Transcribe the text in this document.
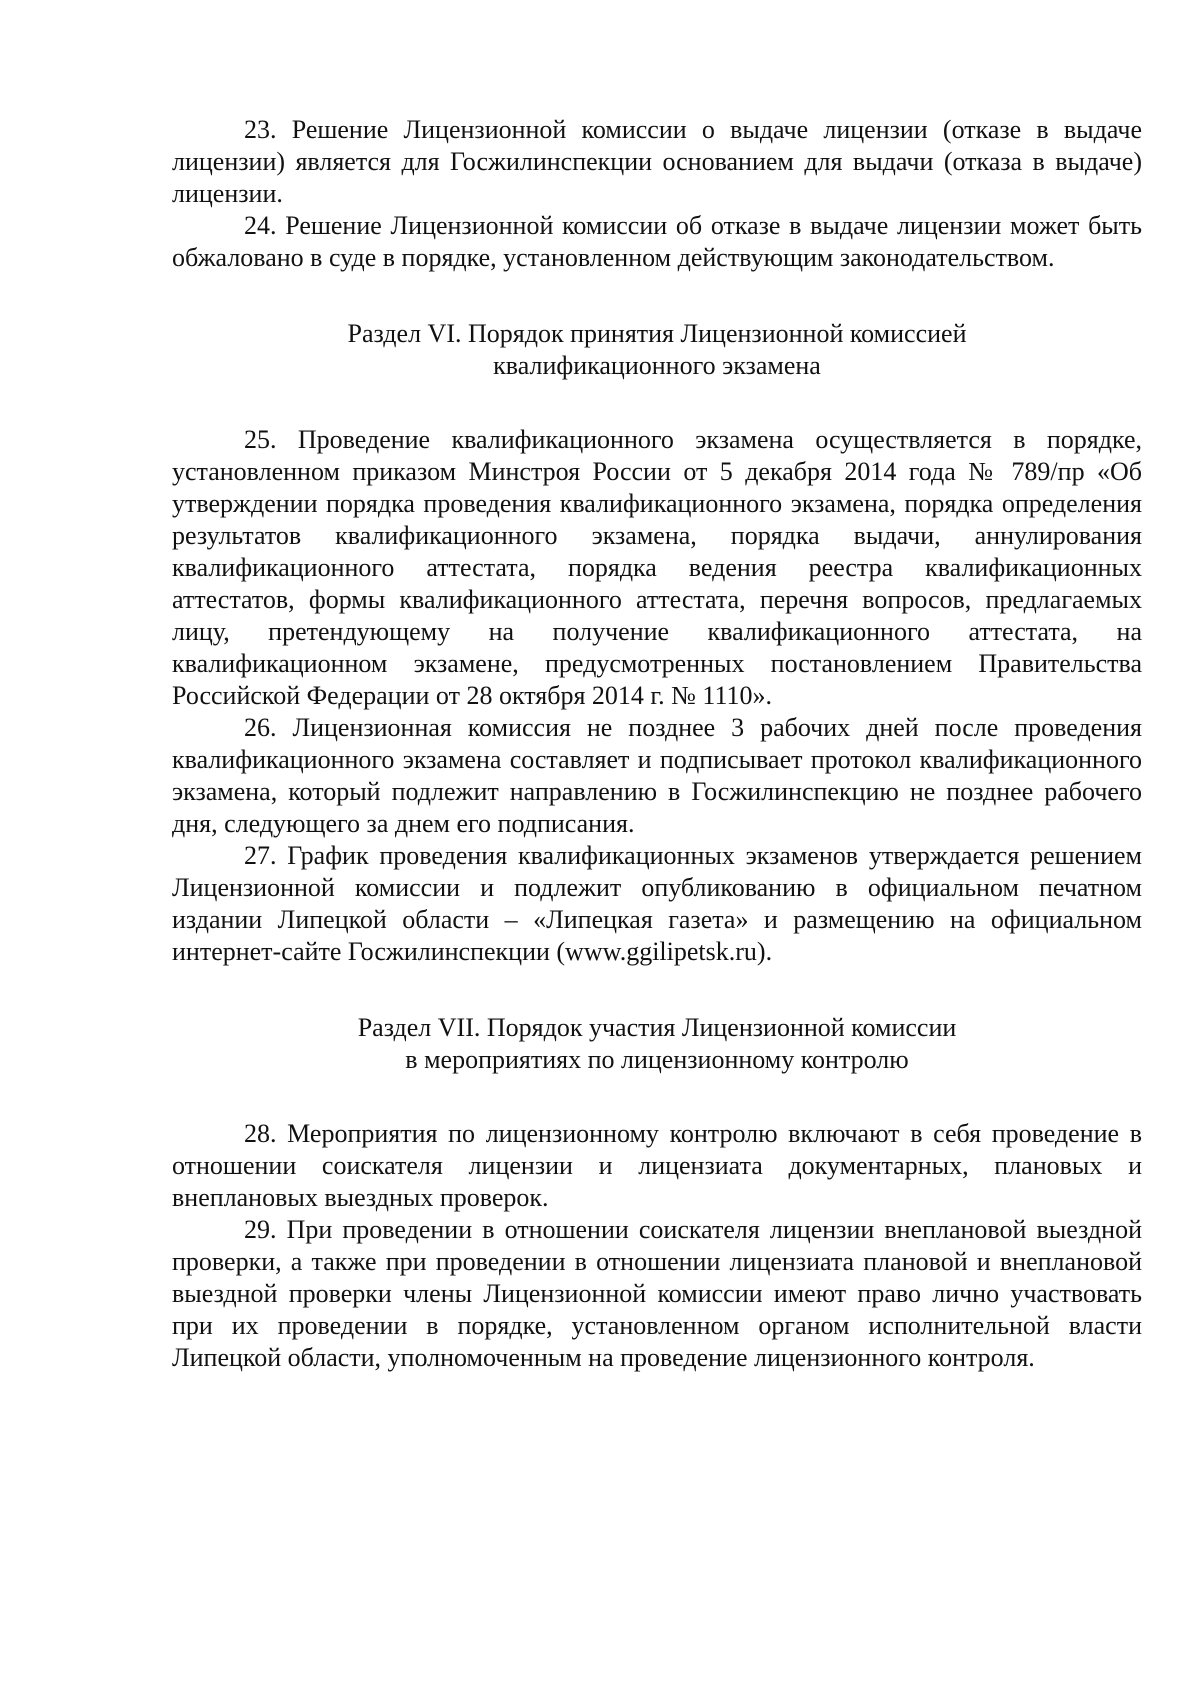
23. Решение Лицензионной комиссии о выдаче лицензии (отказе в выдаче лицензии) является для Госжилинспекции основанием для выдачи (отказа в выдаче) лицензии.

24. Решение Лицензионной комиссии об отказе в выдаче лицензии может быть обжаловано в суде в порядке, установленном действующим законодательством.

Раздел VI. Порядок принятия Лицензионной комиссией
квалификационного экзамена

25. Проведение квалификационного экзамена осуществляется в порядке, установленном приказом Минстроя России от 5 декабря 2014 года № 789/пр «Об утверждении порядка проведения квалификационного экзамена, порядка определения результатов квалификационного экзамена, порядка выдачи, аннулирования квалификационного аттестата, порядка ведения реестра квалификационных аттестатов, формы квалификационного аттестата, перечня вопросов, предлагаемых лицу, претендующему на получение квалификационного аттестата, на квалификационном экзамене, предусмотренных постановлением Правительства Российской Федерации от 28 октября 2014 г. № 1110».

26. Лицензионная комиссия не позднее 3 рабочих дней после проведения квалификационного экзамена составляет и подписывает протокол квалификационного экзамена, который подлежит направлению в Госжилинспекцию не позднее рабочего дня, следующего за днем его подписания.

27. График проведения квалификационных экзаменов утверждается решением Лицензионной комиссии и подлежит опубликованию в официальном печатном издании Липецкой области – «Липецкая газета» и размещению на официальном интернет-сайте Госжилинспекции (www.ggilipetsk.ru).

Раздел VII. Порядок участия Лицензионной комиссии
в мероприятиях по лицензионному контролю

28. Мероприятия по лицензионному контролю включают в себя проведение в отношении соискателя лицензии и лицензиата документарных, плановых и внеплановых выездных проверок.

29. При проведении в отношении соискателя лицензии внеплановой выездной проверки, а также при проведении в отношении лицензиата плановой и внеплановой выездной проверки члены Лицензионной комиссии имеют право лично участвовать при их проведении в порядке, установленном органом исполнительной власти Липецкой области, уполномоченным на проведение лицензионного контроля.
